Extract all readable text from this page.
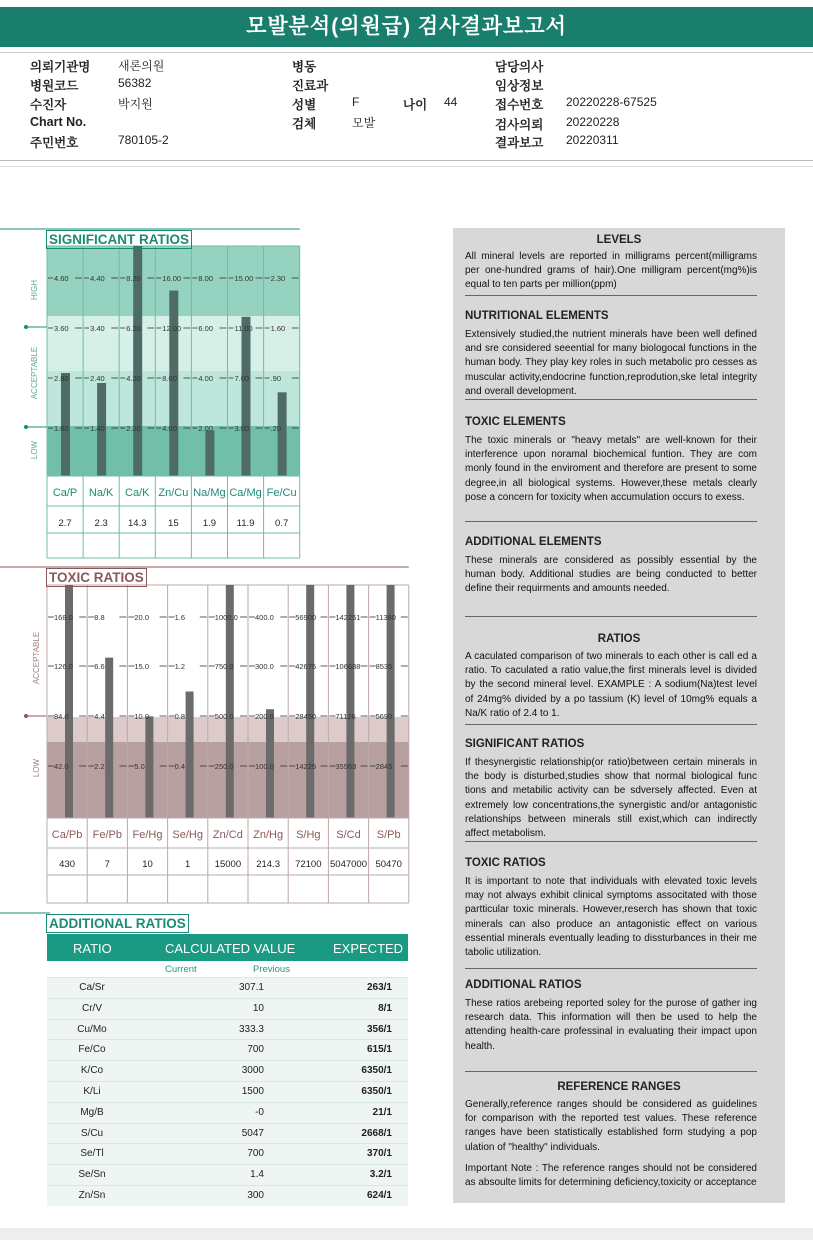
모발분석(의원급) 검사결과보고서
의뢰기관명 새론의원
병원코드	56382
수진자	박지원
Chart No.
주민번호	780105-2
병동
진료과
성별	F
검체	모발
나이 44
담당의사
임상정보
접수번호 20220228-67525
검사의뢰 20220228
결과보고 20220311
HIGH
ACCEPTABLE
LOW
4.60
3.60
2.80
1.60
Ca/P
2.7
4.40
3.40
2.40
1.40
Na/K
2.3
8.20
6.20
4.20
2.20
Ca/K
14.3
16.00
12.00
8.00
4.00
Zn/Cu
15
8.00
6.00
4.00
2.00
Na/Mg
1.9
15.00
11.00
7.00
3.00
Ca/Mg
11.9
2.30
1.60
.90
.20
Fe/Cu
0.7
SIGNIFICANT RATIOS
ACCEPTABLE
LOW
168.0
126.0
84.0
42.0
Ca/Pb
430
8.8
6.6
4.4
2.2
Fe/Pb
7
20.0
15.0
10.0
5.0
Fe/Hg
10
1.6
1.2
0.8
0.4
Se/Hg
1
1000.0
750.0
500.0
250.0
Zn/Cd
15000
400.0
300.0
200.0
100.0
Zn/Hg
214.3
56900
42675
28450
14225
S/Hg
72100
142251
106688
71126
35563
S/Cd
5047000
11380
8535
5690
2845
S/Pb
50470
TOXIC RATIOS
ADDITIONAL RATIOS
RATIO	CALCULATED VALUE	EXPECTED
Current	Previous
Ca/Sr	307.1	263/1
Cr/V	10	8/1
Cu/Mo	333.3	356/1
Fe/Co	700	615/1
K/Co	3000	6350/1
K/Li	1500	6350/1
Mg/B	-0	21/1
S/Cu	5047	2668/1
Se/Tl	700	370/1
Se/Sn	1.4	3.2/1
Zn/Sn	300	624/1
LEVELS
All mineral levels are reported in milligrams percent(milligrams per one-hundred grams of hair).One milligram percent(mg%)is equal to ten parts per million(ppm)
NUTRITIONAL ELEMENTS
Extensively studied,the nutrient minerals have been well defined and sre considered seeential for many biologocal functions in the human body. They play key roles in such metabolic pro cesses as muscular activity,endocrine function,reprodution,ske letal integrity and overall development.
TOXIC ELEMENTS
The toxic minerals or "heavy metals" are well-known for their interference upon noramal biochemical funtion. They are com monly found in the enviroment and therefore are present to some degree,in all biological systems. However,these metals clearly pose a concern for toxicity when accumulation occurs to exess.
ADDITIONAL ELEMENTS
These minerals are considered as possibly essential by the human body. Additional studies are being conducted to better define their requirments and amounts needed.
RATIOS
A caculated comparison of two minerals to each other is call ed a ratio. To caculated a ratio value,the first minerals level is divided by the second mineral level. EXAMPLE : A sodium(Na)test level of 24mg% divided by a po tassium (K) level of 10mg% equals a Na/K ratio of 2.4 to 1.
SIGNIFICANT RATIOS
If thesynergistic relationship(or ratio)between certain minerals in the body is disturbed,studies show that normal biological func tions and metabilic activity can be sdversely affected. Even at extremely low concentrations,the synergistic and/or antagonistic relationships between minerals still exist,which can indirectly affect metabolism.
TOXIC RATIOS
It is important to note that individuals with elevated toxic levels may not always exhibit clinical symptoms associtated with those partticular toxic minerals. However,reserch has shown that toxic minerals can also produce an antagonistic effect on various essential minerals eventually leading to dissturbances in their me tabolic utilization.
ADDITIONAL RATIOS
These ratios arebeing reported soley for the purose of gather ing research data. This information will then be used to help the attending health-care professinal in evaluating their impact upon health.
REFERENCE RANGES
Generally,reference ranges should be considered as guidelines for comparison with the reported test values. These reference ranges have been statistically established form studying a pop ulation of "healthy" individuals.
Important Note : The reference ranges should not be considered as absoulte limits for determining deficiency,toxicity or acceptance
